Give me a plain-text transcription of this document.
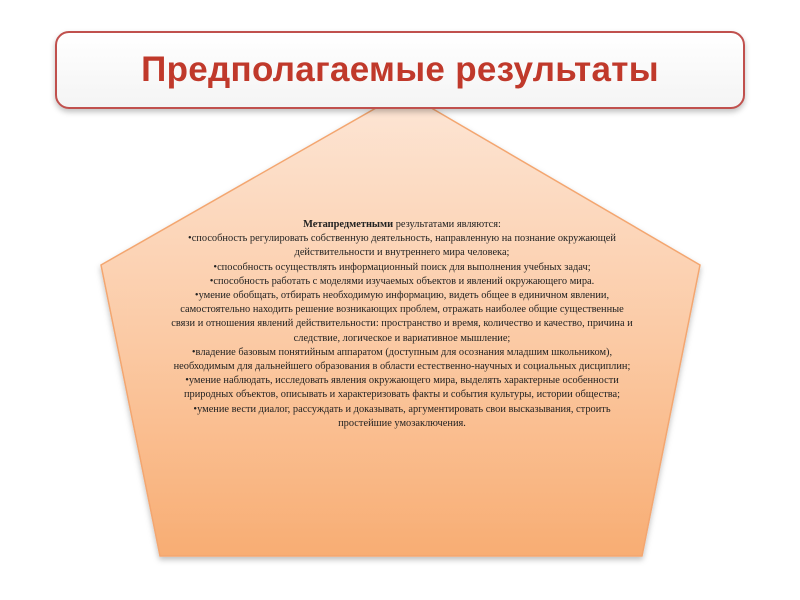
Предполагаемые результаты

Метапредметными результатами являются:

• способность регулировать собственную деятельность, направленную на познание окружающей действительности и внутреннего мира человека;
• способность осуществлять информационный поиск для выполнения учебных задач;
• способность работать с моделями изучаемых объектов и явлений окружающего мира.
• умение обобщать, отбирать необходимую информацию, видеть общее в единичном явлении, самостоятельно находить решение возникающих проблем, отражать наиболее общие существенные связи и отношения явлений действительности: пространство и время, количество и качество, причина и следствие, логическое и вариативное мышление;
• владение базовым понятийным аппаратом (доступным для осознания младшим школьником), необходимым для дальнейшего образования в области естественно-научных и социальных дисциплин;
• умение наблюдать, исследовать явления окружающего мира, выделять характерные особенности природных объектов, описывать и характеризовать факты и события культуры, истории общества;
• умение вести диалог, рассуждать и доказывать, аргументировать свои высказывания, строить простейшие умозаключения.
